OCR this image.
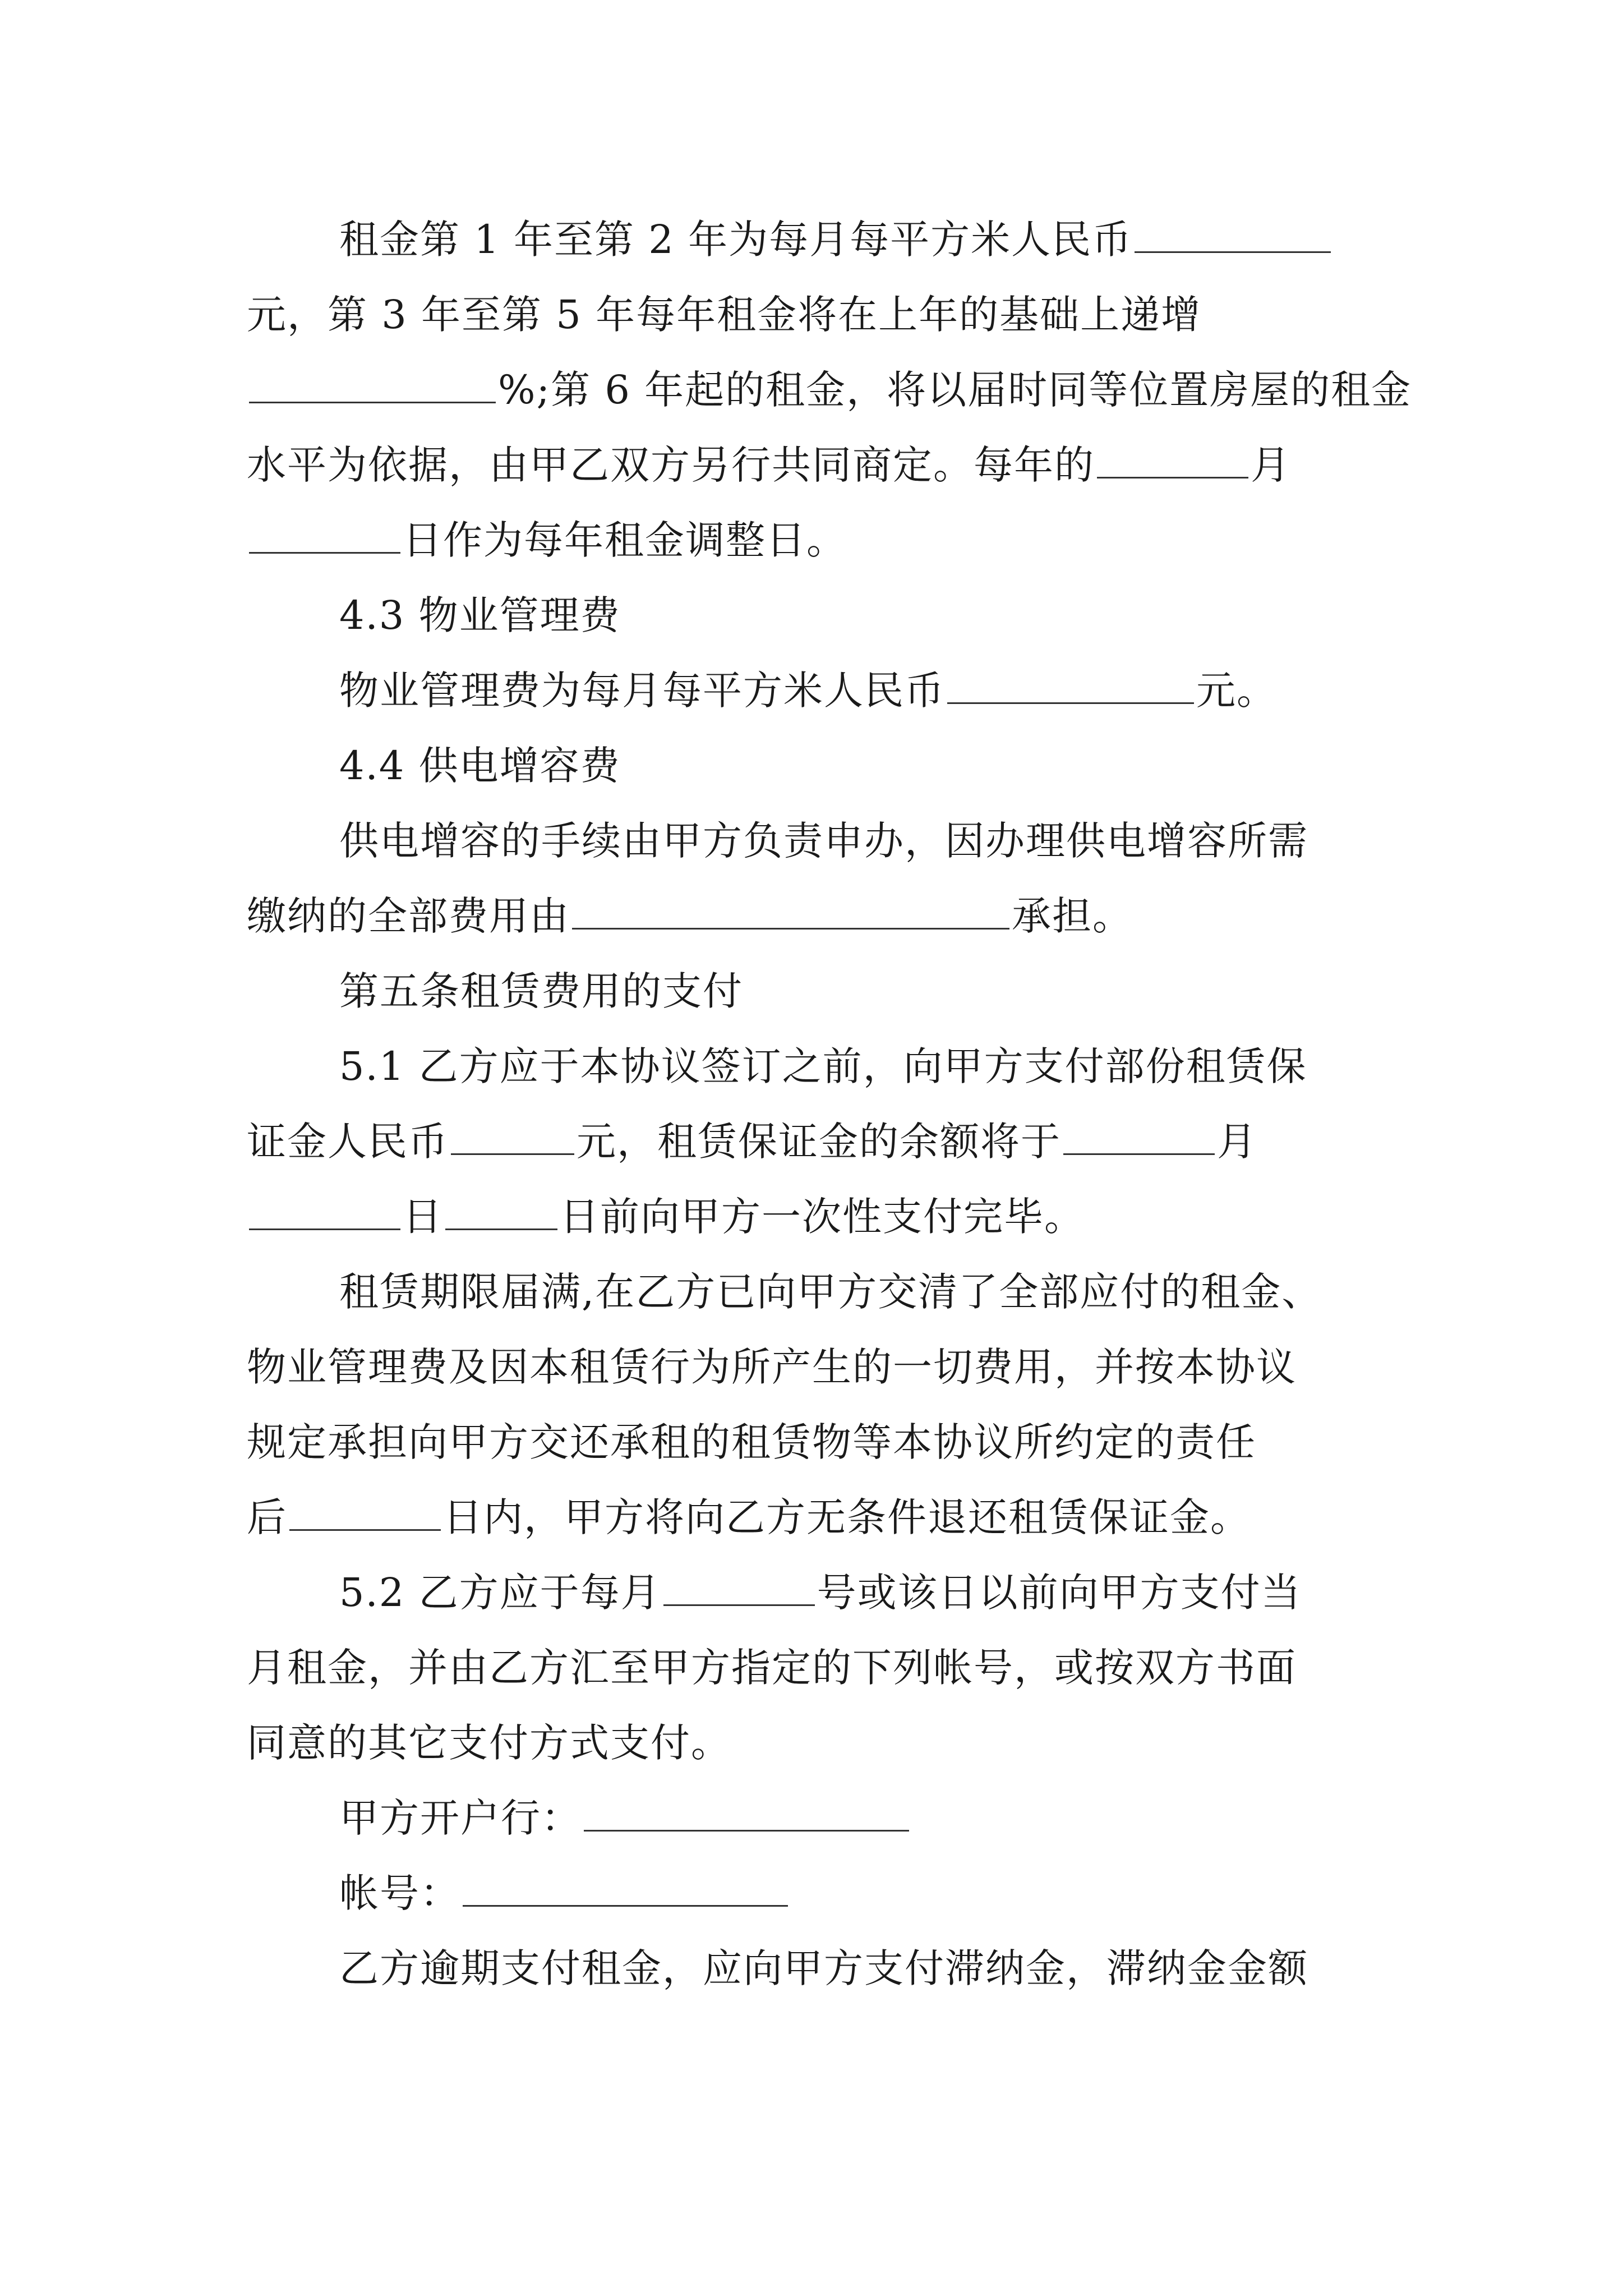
租金第 1 年至第 2 年为每月每平方米人民币
元，第 3 年至第 5 年每年租金将在上年的基础上递增
%;第 6 年起的租金，将以届时同等位置房屋的租金
水平为依据，由甲乙双方另行共同商定。每年的	月
日作为每年租金调整日。
4.3 物业管理费
物业管理费为每月每平方米人民币	元。
4.4 供电增容费
供电增容的手续由甲方负责申办，因办理供电增容所需
缴纳的全部费用由	承担。
第五条租赁费用的支付
5.1 乙方应于本协议签订之前，向甲方支付部份租赁保
证金人民币	元，租赁保证金的余额将于	月
日	日前向甲方一次性支付完毕。
租赁期限届满,在乙方已向甲方交清了全部应付的租金、
物业管理费及因本租赁行为所产生的一切费用，并按本协议
规定承担向甲方交还承租的租赁物等本协议所约定的责任
后	日内，甲方将向乙方无条件退还租赁保证金。
5.2 乙方应于每月	号或该日以前向甲方支付当
月租金，并由乙方汇至甲方指定的下列帐号，或按双方书面
同意的其它支付方式支付。
甲方开户行：
帐号：
乙方逾期支付租金，应向甲方支付滞纳金，滞纳金金额
